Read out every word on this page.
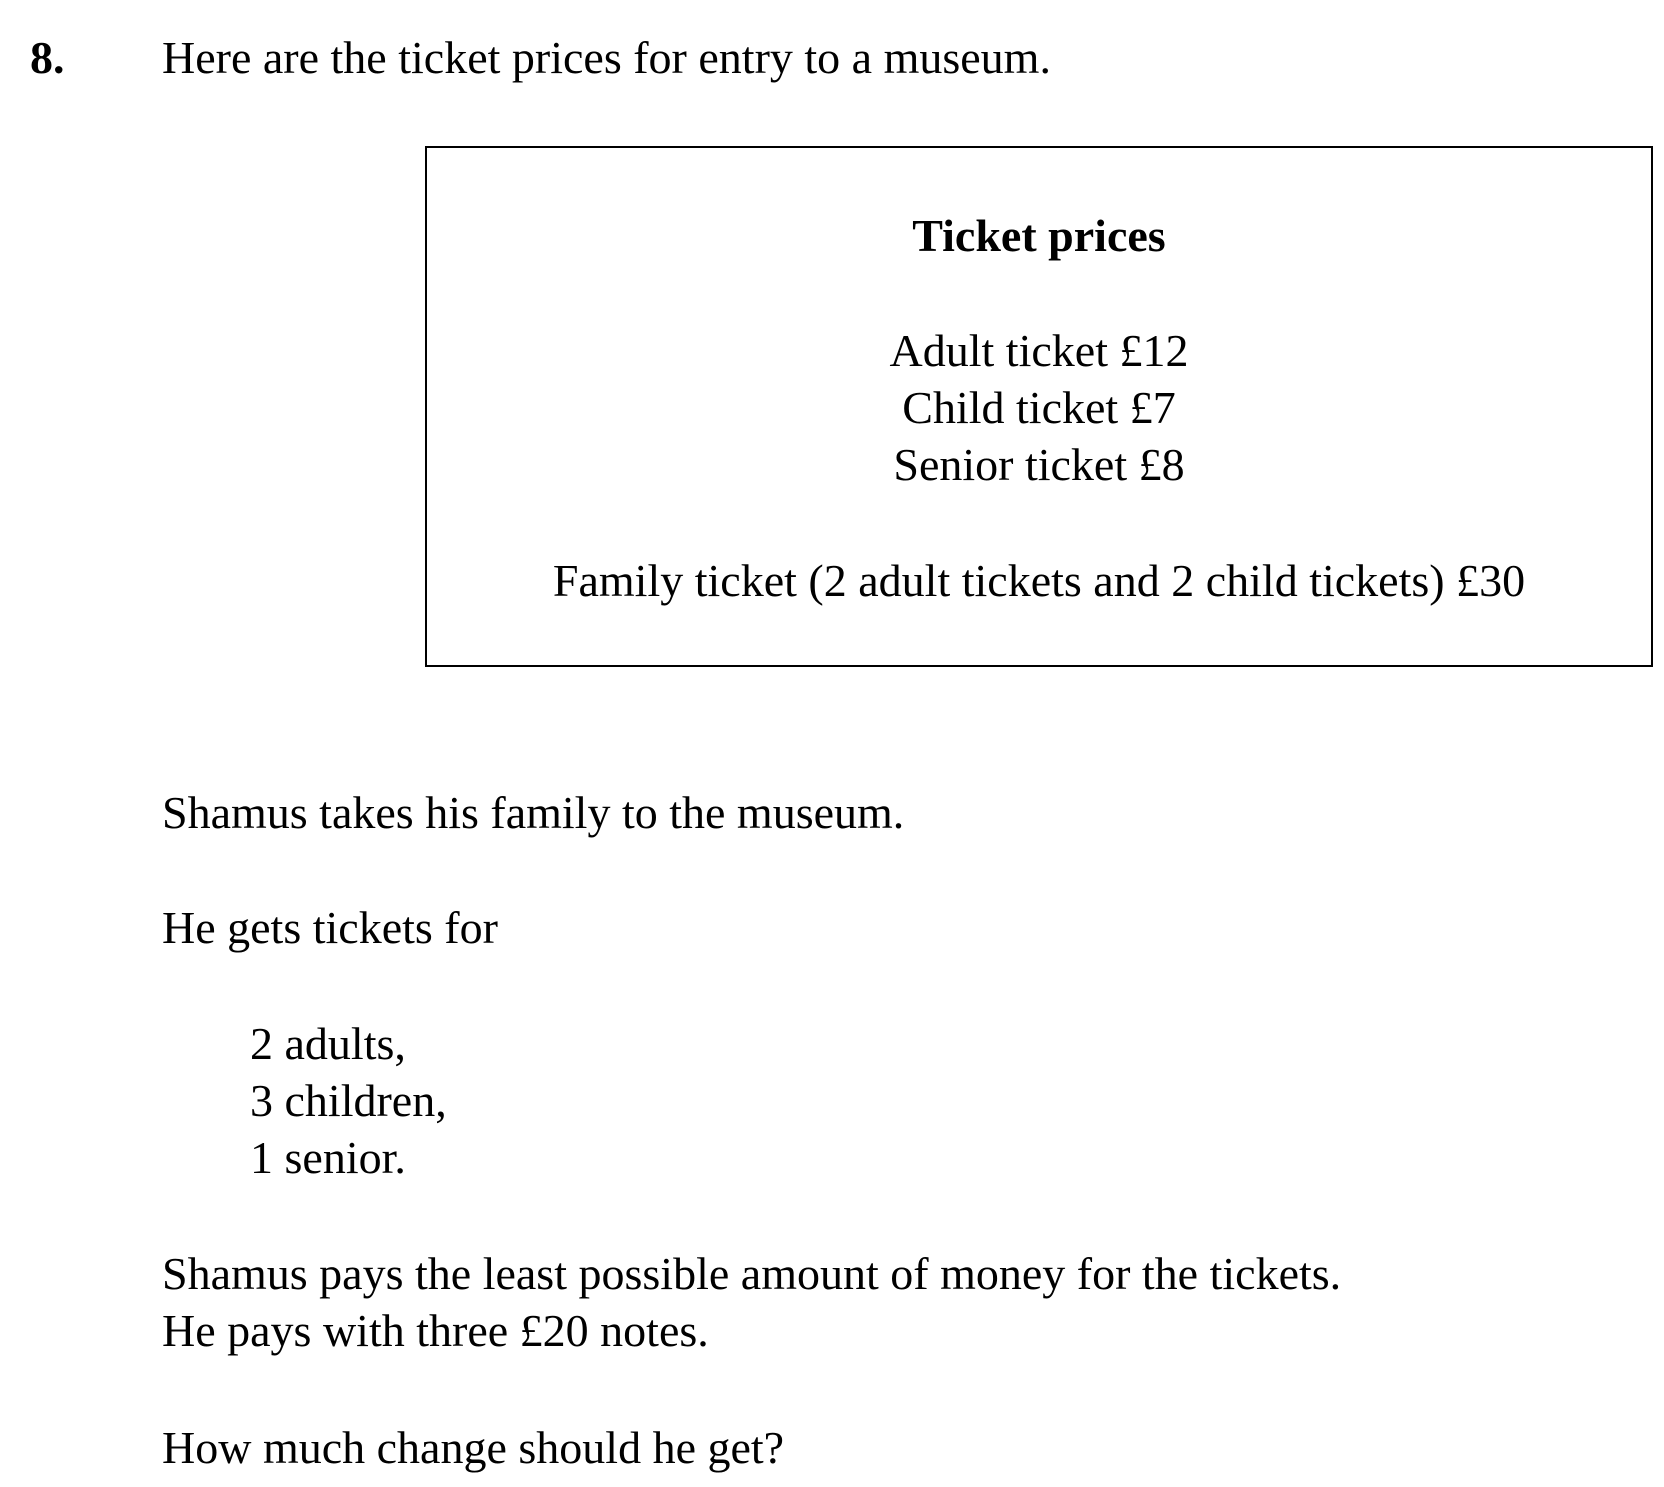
8. Here are the ticket prices for entry to a museum.
Ticket prices
Adult ticket £12
Child ticket £7
Senior ticket £8
Family ticket (2 adult tickets and 2 child tickets) £30
Shamus takes his family to the museum.
He gets tickets for
2 adults,
3 children,
1 senior.
Shamus pays the least possible amount of money for the tickets.
He pays with three £20 notes.
How much change should he get?
